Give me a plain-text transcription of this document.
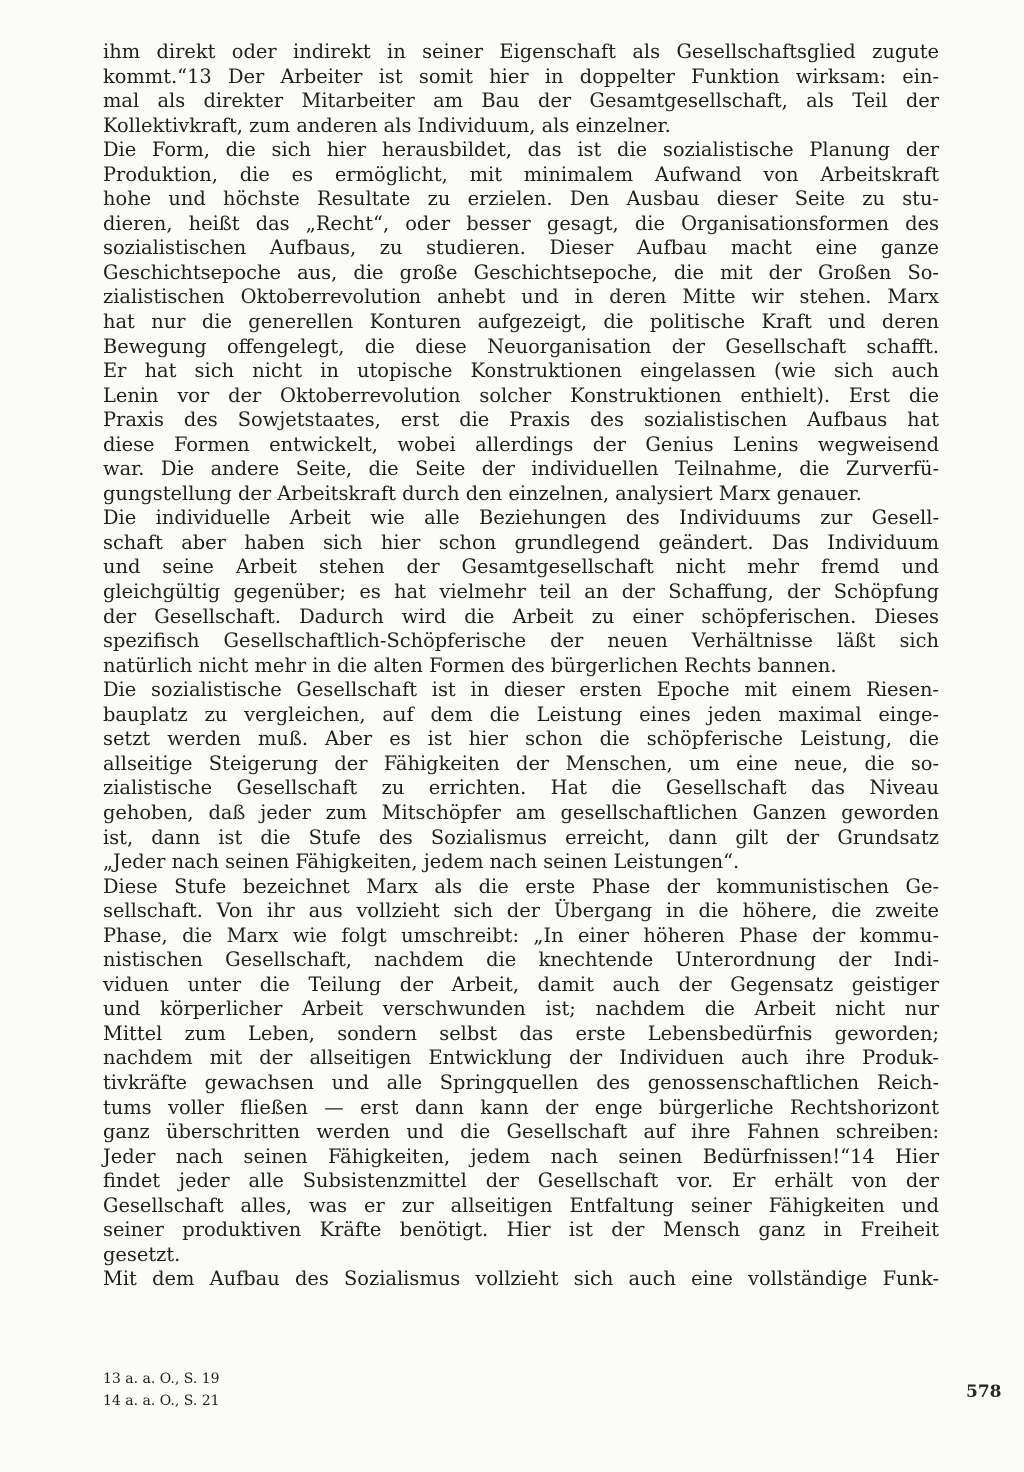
ihm direkt oder indirekt in seiner Eigenschaft als Gesellschaftsglied zugute
kommt.“13 Der Arbeiter ist somit hier in doppelter Funktion wirksam: ein-
mal als direkter Mitarbeiter am Bau der Gesamtgesellschaft, als Teil der
Kollektivkraft, zum anderen als Individuum, als einzelner.
Die Form, die sich hier herausbildet, das ist die sozialistische Planung der
Produktion, die es ermöglicht, mit minimalem Aufwand von Arbeitskraft
hohe und höchste Resultate zu erzielen. Den Ausbau dieser Seite zu stu-
dieren, heißt das „Recht“, oder besser gesagt, die Organisationsformen des
sozialistischen Aufbaus, zu studieren. Dieser Aufbau macht eine ganze
Geschichtsepoche aus, die große Geschichtsepoche, die mit der Großen So-
zialistischen Oktoberrevolution anhebt und in deren Mitte wir stehen. Marx
hat nur die generellen Konturen aufgezeigt, die politische Kraft und deren
Bewegung offengelegt, die diese Neuorganisation der Gesellschaft schafft.
Er hat sich nicht in utopische Konstruktionen eingelassen (wie sich auch
Lenin vor der Oktoberrevolution solcher Konstruktionen enthielt). Erst die
Praxis des Sowjetstaates, erst die Praxis des sozialistischen Aufbaus hat
diese Formen entwickelt, wobei allerdings der Genius Lenins wegweisend
war. Die andere Seite, die Seite der individuellen Teilnahme, die Zurverfü-
gungstellung der Arbeitskraft durch den einzelnen, analysiert Marx genauer.
Die individuelle Arbeit wie alle Beziehungen des Individuums zur Gesell-
schaft aber haben sich hier schon grundlegend geändert. Das Individuum
und seine Arbeit stehen der Gesamtgesellschaft nicht mehr fremd und
gleichgültig gegenüber; es hat vielmehr teil an der Schaffung, der Schöpfung
der Gesellschaft. Dadurch wird die Arbeit zu einer schöpferischen. Dieses
spezifisch Gesellschaftlich-Schöpferische der neuen Verhältnisse läßt sich
natürlich nicht mehr in die alten Formen des bürgerlichen Rechts bannen.
Die sozialistische Gesellschaft ist in dieser ersten Epoche mit einem Riesen-
bauplatz zu vergleichen, auf dem die Leistung eines jeden maximal einge-
setzt werden muß. Aber es ist hier schon die schöpferische Leistung, die
allseitige Steigerung der Fähigkeiten der Menschen, um eine neue, die so-
zialistische Gesellschaft zu errichten. Hat die Gesellschaft das Niveau
gehoben, daß jeder zum Mitschöpfer am gesellschaftlichen Ganzen geworden
ist, dann ist die Stufe des Sozialismus erreicht, dann gilt der Grundsatz
„Jeder nach seinen Fähigkeiten, jedem nach seinen Leistungen“.
Diese Stufe bezeichnet Marx als die erste Phase der kommunistischen Ge-
sellschaft. Von ihr aus vollzieht sich der Übergang in die höhere, die zweite
Phase, die Marx wie folgt umschreibt: „In einer höheren Phase der kommu-
nistischen Gesellschaft, nachdem die knechtende Unterordnung der Indi-
viduen unter die Teilung der Arbeit, damit auch der Gegensatz geistiger
und körperlicher Arbeit verschwunden ist; nachdem die Arbeit nicht nur
Mittel zum Leben, sondern selbst das erste Lebensbedürfnis geworden;
nachdem mit der allseitigen Entwicklung der Individuen auch ihre Produk-
tivkräfte gewachsen und alle Springquellen des genossenschaftlichen Reich-
tums voller fließen — erst dann kann der enge bürgerliche Rechtshorizont
ganz überschritten werden und die Gesellschaft auf ihre Fahnen schreiben:
Jeder nach seinen Fähigkeiten, jedem nach seinen Bedürfnissen!“14 Hier
findet jeder alle Subsistenzmittel der Gesellschaft vor. Er erhält von der
Gesellschaft alles, was er zur allseitigen Entfaltung seiner Fähigkeiten und
seiner produktiven Kräfte benötigt. Hier ist der Mensch ganz in Freiheit
gesetzt.
Mit dem Aufbau des Sozialismus vollzieht sich auch eine vollständige Funk-
13 a. a. O., S. 19
14 a. a. O., S. 21	578
